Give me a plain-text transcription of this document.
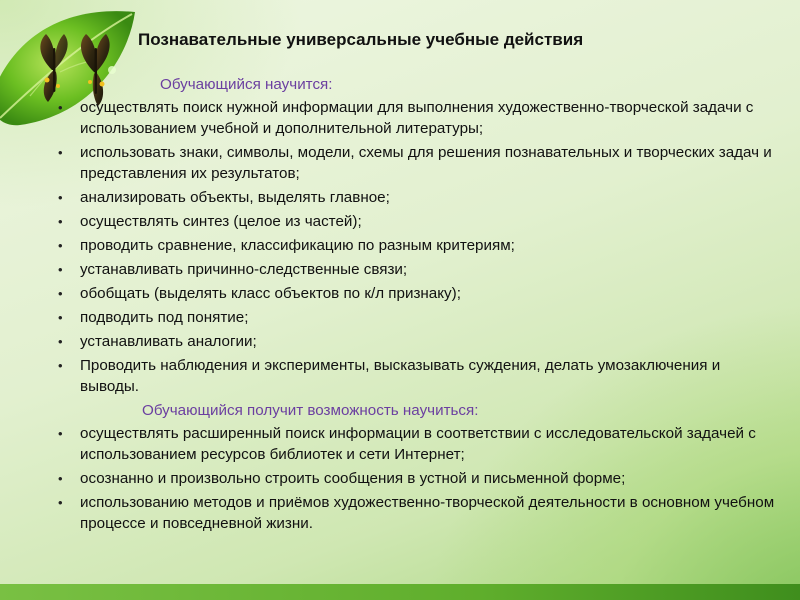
Познавательные универсальные учебные действия

Обучающийся научится:

• осуществлять поиск нужной информации для выполнения художественно-творческой задачи с использованием учебной и дополнительной литературы;
• использовать знаки, символы, модели, схемы для решения познавательных и творческих задач и представления их результатов;
• анализировать объекты, выделять главное;
• осуществлять синтез (целое из частей);
• проводить сравнение, классификацию по разным критериям;
• устанавливать причинно-следственные связи;
• обобщать (выделять класс объектов по к/л признаку);
• подводить под понятие;
• устанавливать аналогии;
• Проводить наблюдения и эксперименты, высказывать суждения, делать умозаключения и выводы.

Обучающийся получит возможность научиться:

• осуществлять расширенный поиск информации в соответствии с исследовательской задачей с использованием ресурсов библиотек и сети Интернет;
• осознанно и произвольно строить сообщения в устной и письменной форме;
• использованию методов и приёмов художественно-творческой деятельности в основном учебном процессе и повседневной жизни.
